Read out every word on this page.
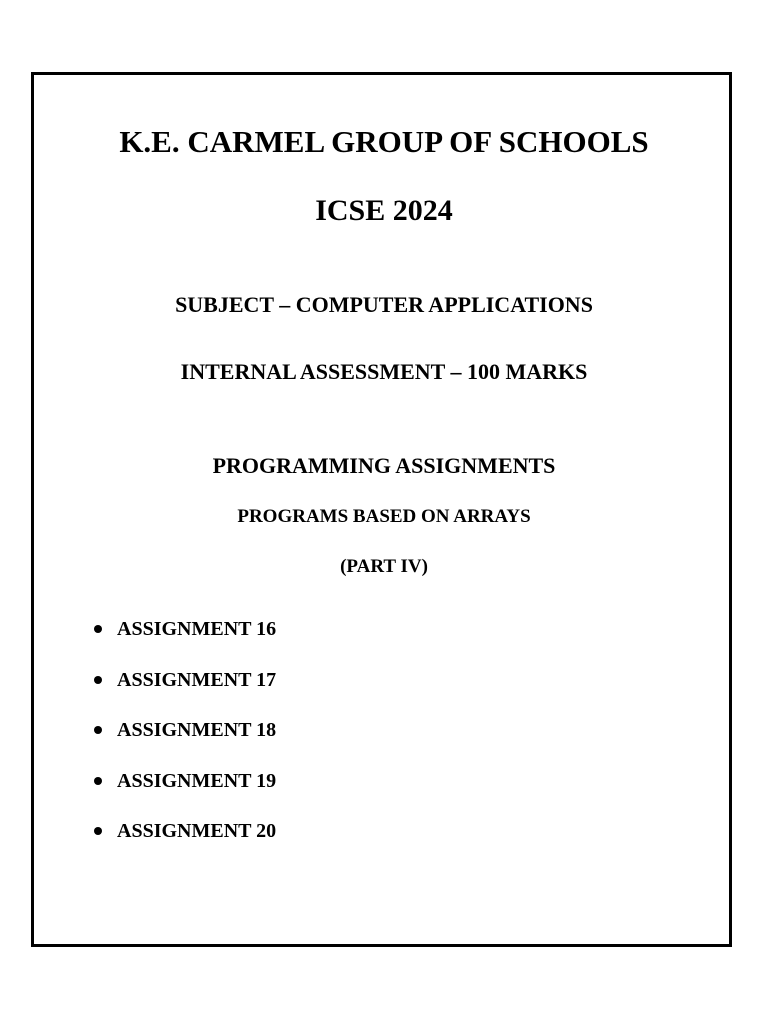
K.E. CARMEL GROUP OF SCHOOLS
ICSE 2024
SUBJECT – COMPUTER APPLICATIONS
INTERNAL ASSESSMENT – 100 MARKS
PROGRAMMING ASSIGNMENTS
PROGRAMS BASED ON ARRAYS
(PART IV)
ASSIGNMENT 16
ASSIGNMENT 17
ASSIGNMENT 18
ASSIGNMENT 19
ASSIGNMENT 20
